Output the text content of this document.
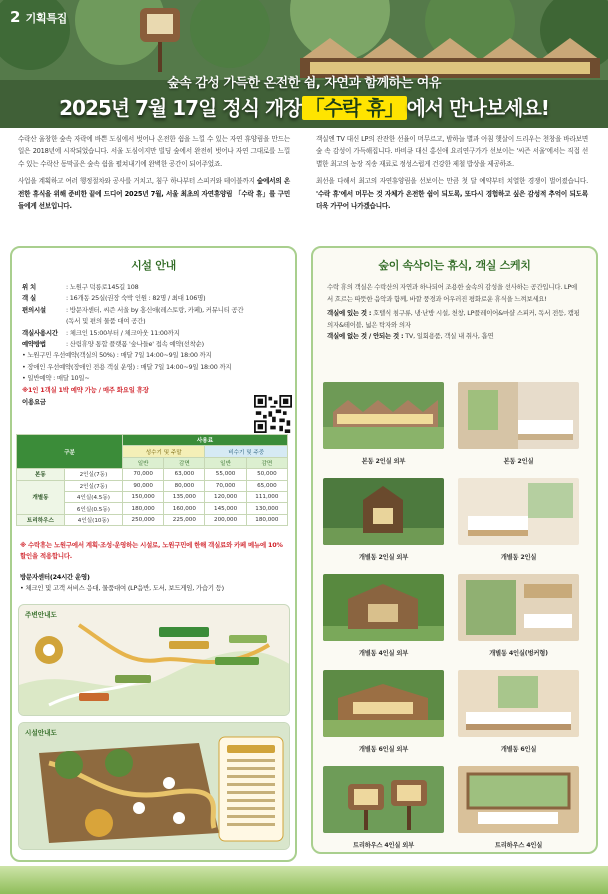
2 기획특집
숲속 감성 가득한 온전한 쉼, 자연과 함께하는 여유
2025년 7월 17일 정식 개장 「수락 휴」 에서 만나보세요!

수락산 울창한 숲속 자락에 바쁜 도심에서 벗어나 온전한 쉼을 느낄 수 있는 자연 휴양림을 만드는 일은 2018년에 시작되었습니다. 서울 도심이지만 빌딩 숲에서 완전히 벗어나 자연 그대로를 느낄 수 있는 수락산 동막골은 숲속 쉼을 펼쳐내기에 완벽한 공간이 되어주었죠.

사업을 계획하고 여러 행정절차와 공사를 거치고, 침구 하나부터 스피커와 테이블까지 숲에서의 온전한 휴식을 위해 준비한 끝에 드디어 2025년 7월, 서울 최초의 자연휴양림 「수락 휴」를 구민들에게 선보입니다.

객실엔 TV 대신 LP의 잔잔한 선율이 머무르고, 밤하늘 별과 아침 햇살이 드리우는 천창을 바라보면 숲 속 감성이 가득해집니다. 바비큐 대신 홍신애 요리연구가가 선보이는 '씨즌 서울'에서는 직접 선별한 최고의 농장 직송 재료로 정성스럽게 건강한 제철 밥상을 제공하죠.

최선을 다해서 최고의 자연휴양림을 선보이는 만큼 첫 달 예약부터 치열한 경쟁이 벌어졌습니다. '수락 휴'에서 머무는 것 자체가 온전한 쉼이 되도록, 또다시 경험하고 싶은 감성적 추억이 되도록 더욱 가꾸어 나가겠습니다.

시설 안내
위 치	: 노원구 덕릉로145길 108
객 실	: 16개동 25실(권장 숙박 인원 : 82명 / 최대 106명)
편의시설	: 방문자센터, 씨즌 서울 by 홍신애(레스토랑, 카페), 커뮤니티 공간
(독서 및 편의 물품 대여 공간)
객실사용시간	: 체크인 15:00부터 / 체크아웃 11:00까지
예약방법	: 산림휴양 통합 플랫폼 '숲나들e' 접속 예약(선착순)
• 노원구민 우선예약(객실의 50%) : 매달 7일 14:00~9일 18:00 까지
• 장애인 우선예약(장애인 전용 객실 운영) : 매달 7일 14:00~9일 18:00 까지
• 일반예약 : 매달 10일~
※1인 1객실 1박 예약 가능 / 매주 화요일 휴장
이용요금
구분		사용료			
		성수기 및 주말		비수기 및 주중	
		일반	감면	일반	감면
본동	2인실(7동)	70,000	63,000	55,000	50,000
개별동	2인실(7동)	90,000	80,000	70,000	65,000
	4인실(4.5동)	150,000	135,000	120,000	111,000
	6인실(0.5동)	180,000	160,000	145,000	130,000
트리하우스	4인실(10동)	250,000	225,000	200,000	180,000
※ 수락휴는 노원구에서 계획·조성·운영하는 시설로, 노원구민에 한해 객실료와 카페 메뉴에 10% 할인을 적용합니다.
방문자센터(24시간 운영)
• 체크인 및 고객 서비스 응대, 물품대여 (LP음반, 도서, 보드게임, 가습기 등)
주변안내도
시설안내도
숲이 속삭이는 휴식, 객실 스케치
수락 휴의 객실은 수락산의 자연과 하나되어 조용한 숲속의 감성을 선사하는 공간입니다. LP에서 흐르는 따뜻한 음악과 함께, 바깥 풍경과 어우러진 평화로운 휴식을 느껴보세요!
객실에 있는 것 : 호텔식 침구류, 냉·난방 시설, 천창, LP플레이어&마샬 스피커, 독서 전등, 캠핑 의자&테이블, 넓은 탁자와 의자
객실에 없는 것 / 안되는 것 : TV, 일회용품, 객실 내 취사, 흡연
본동 2인실 외부	본동 2인실
개별동 2인실 외부	개별동 2인실
개별동 4인실 외부	개별동 4인실(벙커형)
개별동 6인실 외부	개별동 6인실
트리하우스 4인실 외부	트리하우스 4인실
